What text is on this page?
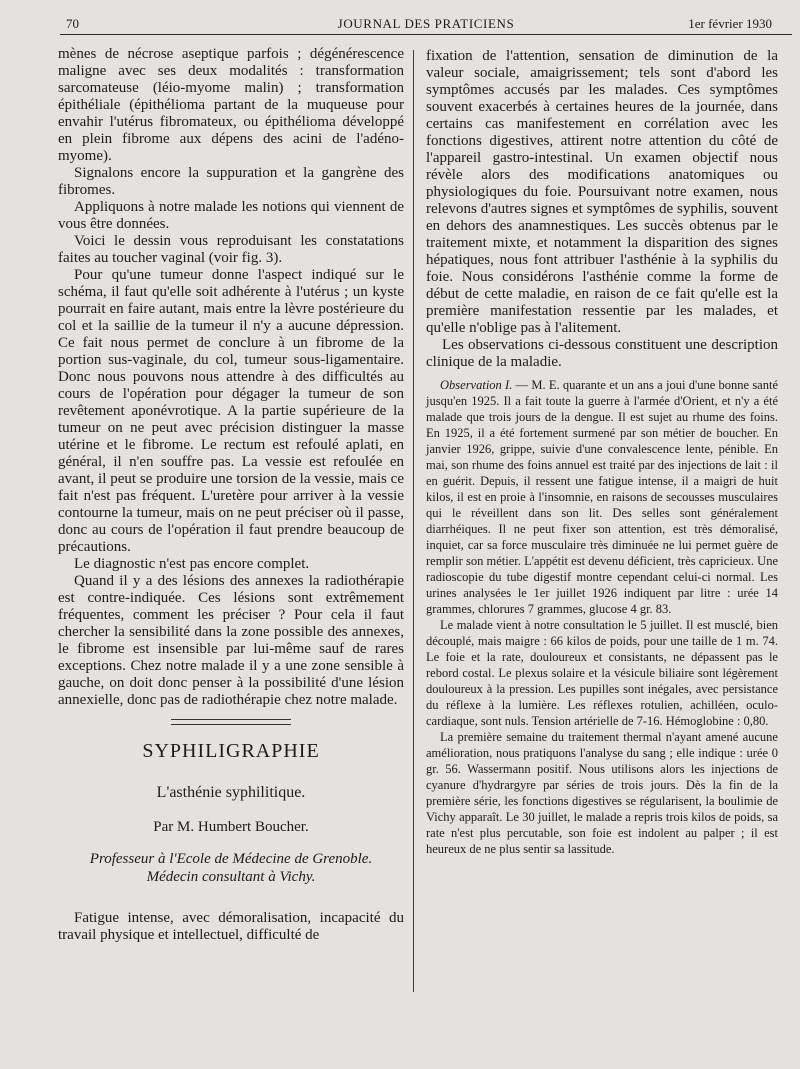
70	JOURNAL DES PRATICIENS	1er février 1930

mènes de nécrose aseptique parfois ; dégénérescence maligne avec ses deux modalités : transformation sarcomateuse (léio-myome malin) ; transformation épithéliale (épithélioma partant de la muqueuse pour envahir l'utérus fibromateux, ou épithélioma développé en plein fibrome aux dépens des acini de l'adéno-myome).

Signalons encore la suppuration et la gangrène des fibromes.

Appliquons à notre malade les notions qui viennent de vous être données.

Voici le dessin vous reproduisant les constatations faites au toucher vaginal (voir fig. 3).

Pour qu'une tumeur donne l'aspect indiqué sur le schéma, il faut qu'elle soit adhérente à l'utérus ; un kyste pourrait en faire autant, mais entre la lèvre postérieure du col et la saillie de la tumeur il n'y a aucune dépression. Ce fait nous permet de conclure à un fibrome de la portion sus-vaginale, du col, tumeur sous-ligamentaire. Donc nous pouvons nous attendre à des difficultés au cours de l'opération pour dégager la tumeur de son revêtement aponévrotique. A la partie supérieure de la tumeur on ne peut avec précision distinguer la masse utérine et le fibrome. Le rectum est refoulé aplati, en général, il n'en souffre pas. La vessie est refoulée en avant, il peut se produire une torsion de la vessie, mais ce fait n'est pas fréquent. L'uretère pour arriver à la vessie contourne la tumeur, mais on ne peut préciser où il passe, donc au cours de l'opération il faut prendre beaucoup de précautions.

Le diagnostic n'est pas encore complet.

Quand il y a des lésions des annexes la radiothérapie est contre-indiquée. Ces lésions sont extrêmement fréquentes, comment les préciser ? Pour cela il faut chercher la sensibilité dans la zone possible des annexes, le fibrome est insensible par lui-même sauf de rares exceptions. Chez notre malade il y a une zone sensible à gauche, on doit donc penser à la possibilité d'une lésion annexielle, donc pas de radiothérapie chez notre malade.

SYPHILIGRAPHIE
L'asthénie syphilitique.
Par M. Humbert Boucher.
Professeur à l'Ecole de Médecine de Grenoble.
Médecin consultant à Vichy.

Fatigue intense, avec démoralisation, incapacité du travail physique et intellectuel, difficulté de

fixation de l'attention, sensation de diminution de la valeur sociale, amaigrissement; tels sont d'abord les symptômes accusés par les malades. Ces symptômes souvent exacerbés à certaines heures de la journée, dans certains cas manifestement en corrélation avec les fonctions digestives, attirent notre attention du côté de l'appareil gastro-intestinal. Un examen objectif nous révèle alors des modifications anatomiques ou physiologiques du foie. Poursuivant notre examen, nous relevons d'autres signes et symptômes de syphilis, souvent en dehors des anamnestiques. Les succès obtenus par le traitement mixte, et notamment la disparition des signes hépatiques, nous font attribuer l'asthénie à la syphilis du foie. Nous considérons l'asthénie comme la forme de début de cette maladie, en raison de ce fait qu'elle est la première manifestation ressentie par les malades, et qu'elle n'oblige pas à l'alitement.

Les observations ci-dessous constituent une description clinique de la maladie.

Observation I. — M. E. quarante et un ans a joui d'une bonne santé jusqu'en 1925. Il a fait toute la guerre à l'armée d'Orient, et n'y a été malade que trois jours de la dengue. Il est sujet au rhume des foins. En 1925, il a été fortement surmené par son métier de boucher. En janvier 1926, grippe, suivie d'une convalescence lente, pénible. En mai, son rhume des foins annuel est traité par des injections de lait : il en guérit. Depuis, il ressent une fatigue intense, il a maigri de huit kilos, il est en proie à l'insomnie, en raisons de secousses musculaires qui le réveillent dans son lit. Des selles sont généralement diarrhéiques. Il ne peut fixer son attention, est très démoralisé, inquiet, car sa force musculaire très diminuée ne lui permet guère de remplir son métier. L'appétit est devenu déficient, très capricieux. Une radioscopie du tube digestif montre cependant celui-ci normal. Les urines analysées le 1er juillet 1926 indiquent par litre : urée 14 grammes, chlorures 7 grammes, glucose 4 gr. 83.

Le malade vient à notre consultation le 5 juillet. Il est musclé, bien découplé, mais maigre : 66 kilos de poids, pour une taille de 1 m. 74. Le foie et la rate, douloureux et consistants, ne dépassent pas le rebord costal. Le plexus solaire et la vésicule biliaire sont légèrement douloureux à la pression. Les pupilles sont inégales, avec persistance du réflexe à la lumière. Les réflexes rotulien, achilléen, oculo-cardiaque, sont nuls. Tension artérielle de 7-16. Hémoglobine : 0,80.

La première semaine du traitement thermal n'ayant amené aucune amélioration, nous pratiquons l'analyse du sang ; elle indique : urée 0 gr. 56. Wassermann positif. Nous utilisons alors les injections de cyanure d'hydrargyre par séries de trois jours. Dès la fin de la première série, les fonctions digestives se régularisent, la boulimie de Vichy apparaît. Le 30 juillet, le malade a repris trois kilos de poids, sa rate n'est plus percutable, son foie est indolent au palper ; il est heureux de ne plus sentir sa lassitude.
